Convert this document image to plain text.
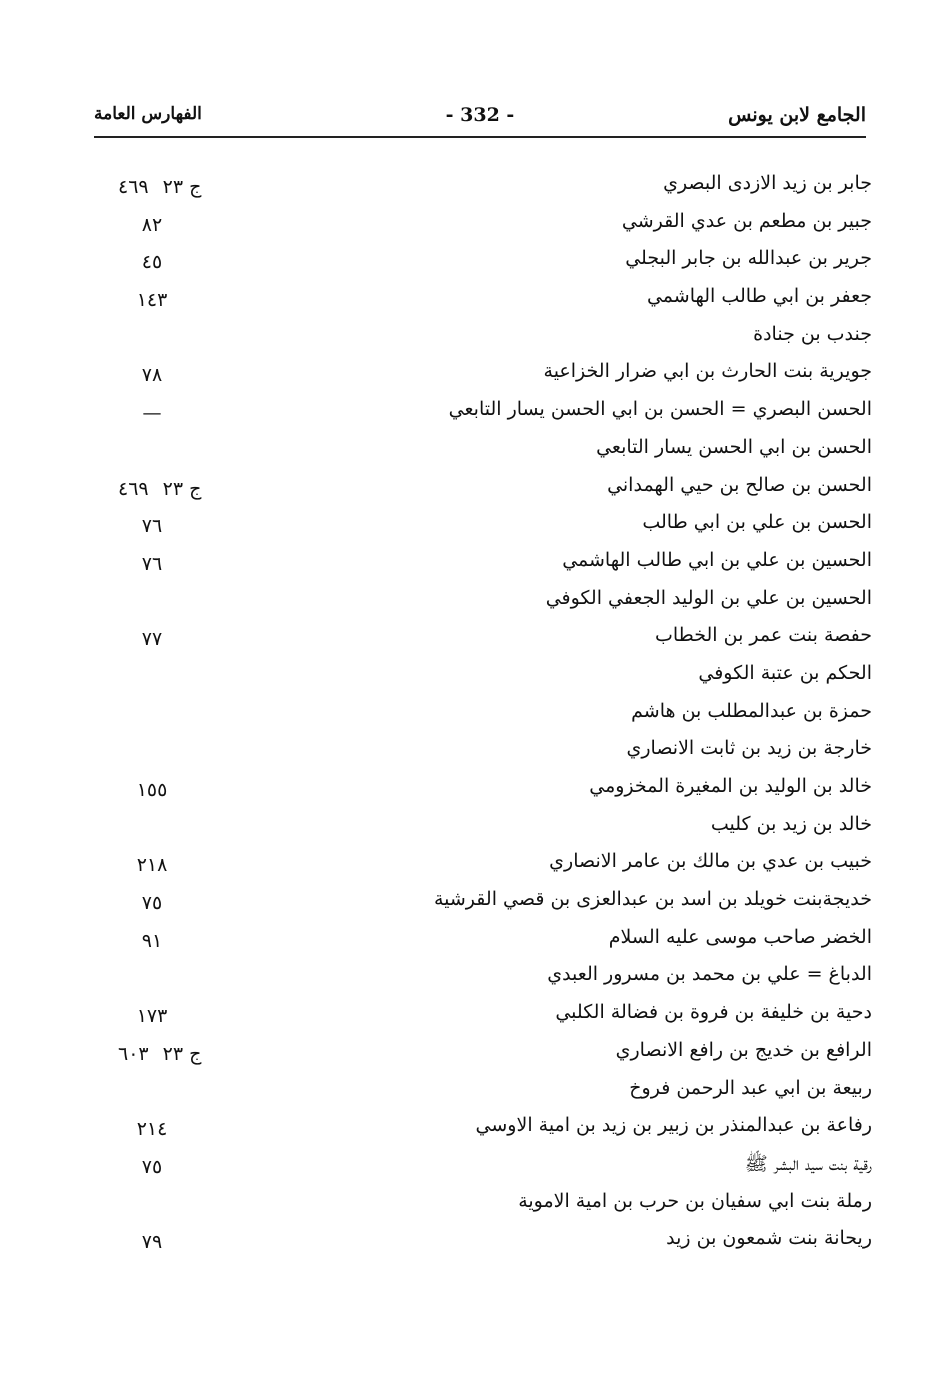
الجامع لابن يونس
- 332 -
الفهارس العامة
جابر بن زيد الازدى البصري
ج ٢٣٤٦٩
جبير بن مطعم بن عدي القرشي
٨٢
جرير بن عبدالله بن جابر البجلي
٤٥
جعفر بن ابي طالب الهاشمي
١٤٣
جندب بن جنادة
جويرية بنت الحارث بن ابي ضرار الخزاعية
٧٨
الحسن البصري = الحسن بن ابي الحسن يسار التابعي
—
الحسن بن ابي الحسن يسار التابعي
الحسن بن صالح بن حيي الهمداني
ج ٢٣٤٦٩
الحسن بن علي بن ابي طالب
٧٦
الحسين بن علي بن ابي طالب الهاشمي
٧٦
الحسين بن علي بن الوليد الجعفي الكوفي
حفصة بنت عمر بن الخطاب
٧٧
الحكم بن عتبة الكوفي
حمزة بن عبدالمطلب بن هاشم
خارجة بن زيد بن ثابت الانصاري
خالد بن الوليد بن المغيرة المخزومي
١٥٥
خالد بن زيد بن كليب
خبيب بن عدي بن مالك بن عامر الانصاري
٢١٨
خديجةبنت خويلد بن اسد بن عبدالعزى بن قصي القرشية
٧٥
الخضر صاحب موسى عليه السلام
٩١
الدباغ = علي بن محمد بن مسرور العبدي
دحية بن خليفة بن فروة بن فضالة الكلبي
١٧٣
الرافع بن خديج بن رافع الانصاري
ج ٢٣٦٠٣
ربيعة بن ابي عبد الرحمن فروخ
رفاعة بن عبدالمنذر بن زبير بن زيد بن امية الاوسي
٢١٤
رقية بنت سيد البشر ﷺ
٧٥
رملة بنت ابي سفيان بن حرب بن امية الاموية
ريحانة بنت شمعون بن زيد
٧٩
